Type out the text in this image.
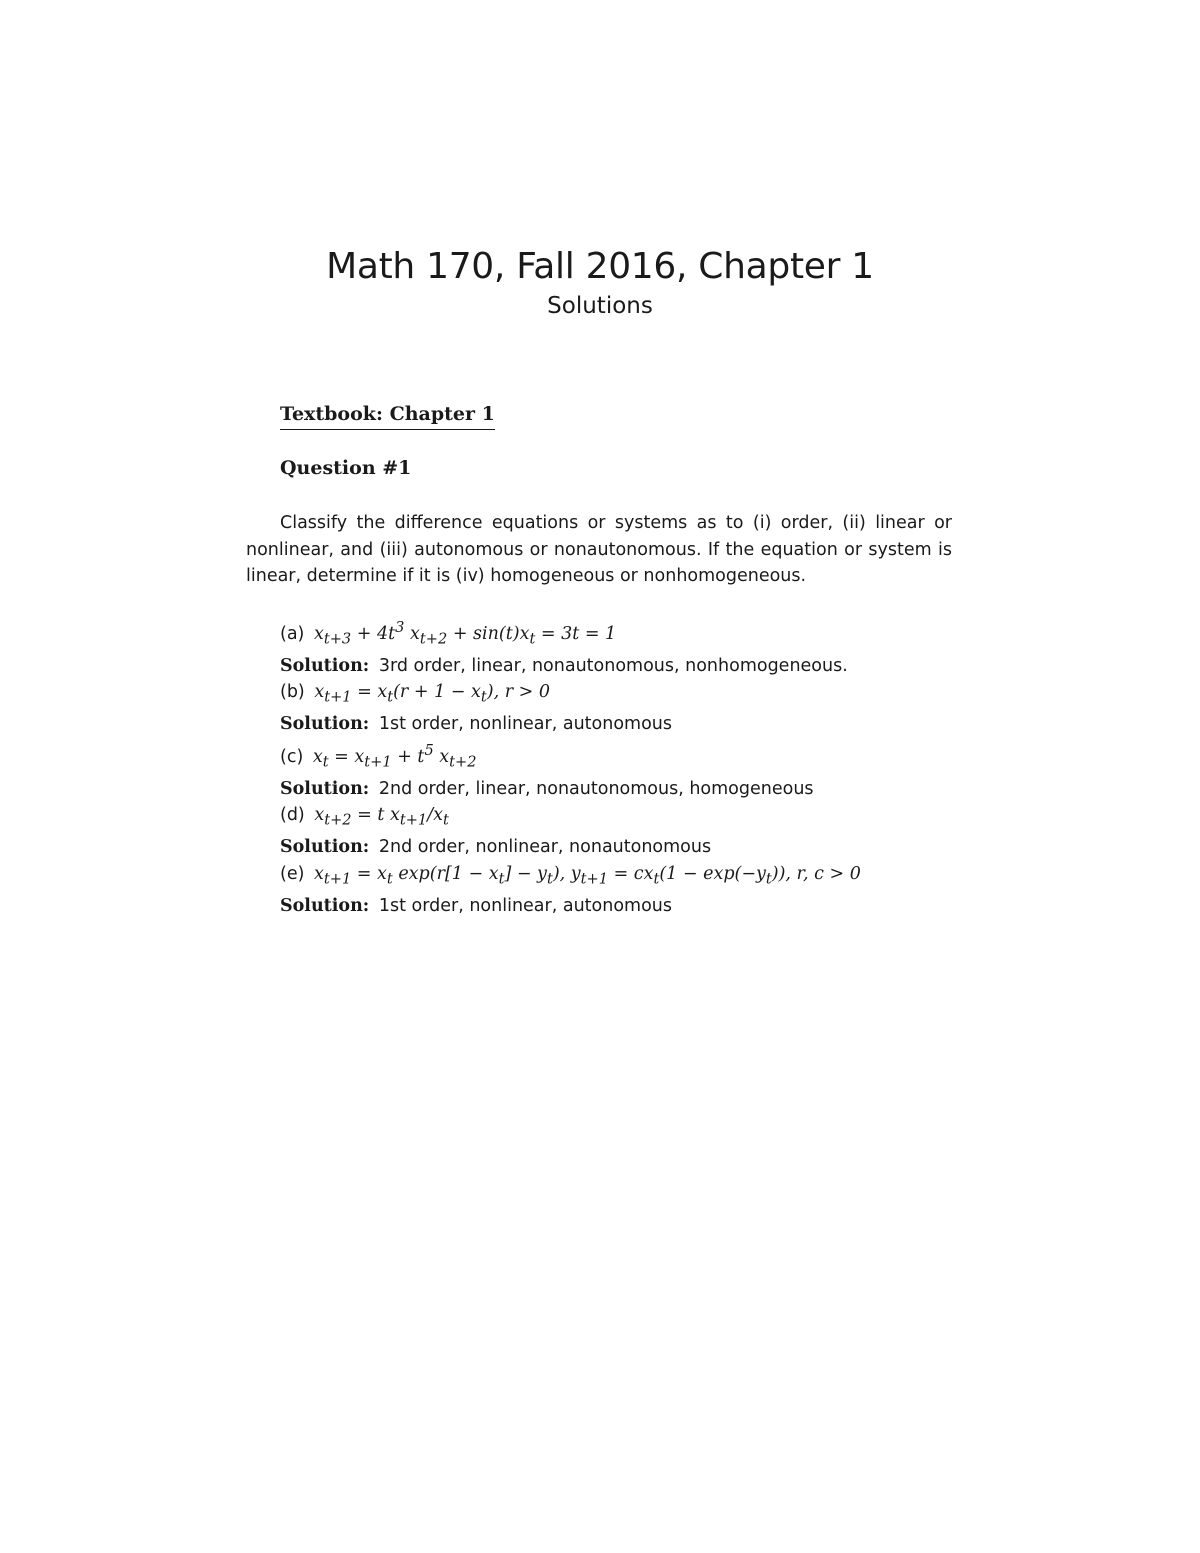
Math 170, Fall 2016, Chapter 1
Solutions
Textbook: Chapter 1
Question #1

Classify the difference equations or systems as to (i) order, (ii) linear or nonlinear, and (iii) autonomous or nonautonomous. If the equation or system is linear, determine if it is (iv) homogeneous or nonhomogeneous.

(a) $x_{t+3} + 4t^3$ $x_{t+2} + \sin(t)x_t = 3t = 1$
Solution: 3rd order, linear, nonautonomous, nonhomogeneous.
(b) $x_{t+1} = x_t(r + 1 - x_t)$, r > 0
Solution: 1st order, nonlinear, autonomous
(c) $x_t = x_{t+1} + t^5$ $x_{t+2}$
Solution: 2nd order, linear, nonautonomous, homogeneous
(d) $x_{t+2} = t$ $x_{t+1}/x_t$
Solution: 2nd order, nonlinear, nonautonomous
(e) $x_{t+1} = x_t$ $\exp(r[1 - x_t] - y_t)$, $y_{t+1} = cx_t(1 - \exp(-y_t))$, r, c > 0
Solution: 1st order, nonlinear, autonomous
